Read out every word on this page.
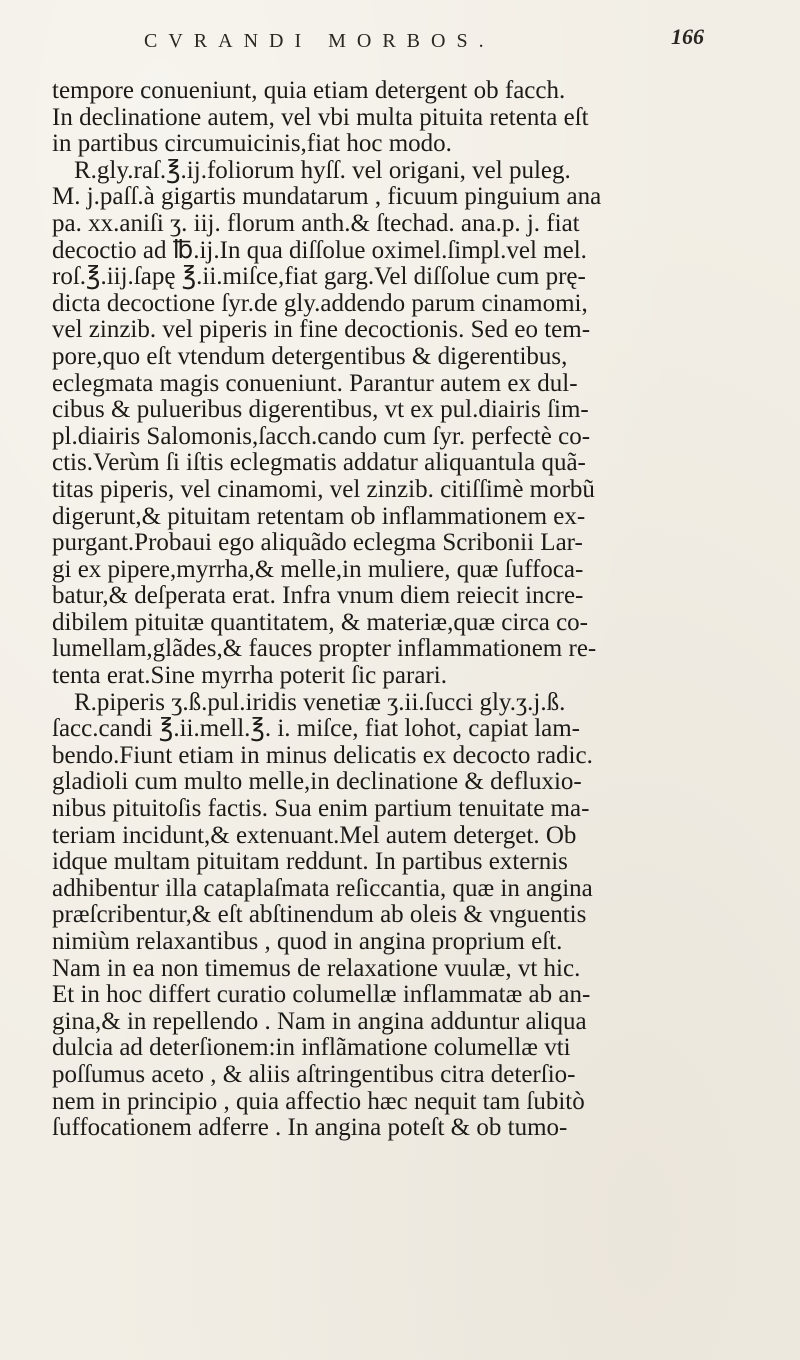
CVRANDI MORBOS.	166
tempore conueniunt, quia etiam detergent ob facch.
In declinatione autem, vel vbi multa pituita retenta eſt
in partibus circumuicinis,fiat hoc modo.
R.gly.raſ.℥.ij.foliorum hyſſ. vel origani, vel puleg.
M. j.paſſ.à gigartis mundatarum , ficuum pinguium ana
pa. xx.aniſi ʒ. iij. florum anth.& ſtechad. ana.p. j. fiat
decoctio ad ℔.ij.In qua diſſolue oximel.ſimpl.vel mel.
roſ.℥.iij.ſapę ℥.ii.miſce,fiat garg.Vel diſſolue cum prę-
dicta decoctione ſyr.de gly.addendo parum cinamomi,
vel zinzib. vel piperis in fine decoctionis. Sed eo tem-
pore,quo eſt vtendum detergentibus & digerentibus,
eclegmata magis conueniunt. Parantur autem ex dul-
cibus & pulueribus digerentibus, vt ex pul.diairis ſim-
pl.diairis Salomonis,ſacch.cando cum ſyr. perfectè co-
ctis.Verùm ſi iſtis eclegmatis addatur aliquantula quã-
titas piperis, vel cinamomi, vel zinzib. citiſſimè morbũ
digerunt,& pituitam retentam ob inflammationem ex-
purgant.Probaui ego aliquãdo eclegma Scribonii Lar-
gi ex pipere,myrrha,& melle,in muliere, quæ ſuffoca-
batur,& deſperata erat. Infra vnum diem reiecit incre-
dibilem pituitæ quantitatem, & materiæ,quæ circa co-
lumellam,glãdes,& fauces propter inflammationem re-
tenta erat.Sine myrrha poterit ſic parari.
R.piperis ʒ.ß.pul.iridis venetiæ ʒ.ii.ſucci gly.ʒ.j.ß.
ſacc.candi ℥.ii.mell.℥. i. miſce, fiat lohot, capiat lam-
bendo.Fiunt etiam in minus delicatis ex decocto radic.
gladioli cum multo melle,in declinatione & defluxio-
nibus pituitoſis factis. Sua enim partium tenuitate ma-
teriam incidunt,& extenuant.Mel autem deterget. Ob
idque multam pituitam reddunt. In partibus externis
adhibentur illa cataplaſmata reſiccantia, quæ in angina
præſcribentur,& eſt abſtinendum ab oleis & vnguentis
nimiùm relaxantibus , quod in angina proprium eſt.
Nam in ea non timemus de relaxatione vuulæ, vt hic.
Et in hoc differt curatio columellæ inflammatæ ab an-
gina,& in repellendo . Nam in angina adduntur aliqua
dulcia ad deterſionem:in inflãmatione columellæ vti
poſſumus aceto , & aliis aſtringentibus citra deterſio-
nem in principio , quia affectio hæc nequit tam ſubitò
ſuffocationem adferre . In angina poteſt & ob tumo-
